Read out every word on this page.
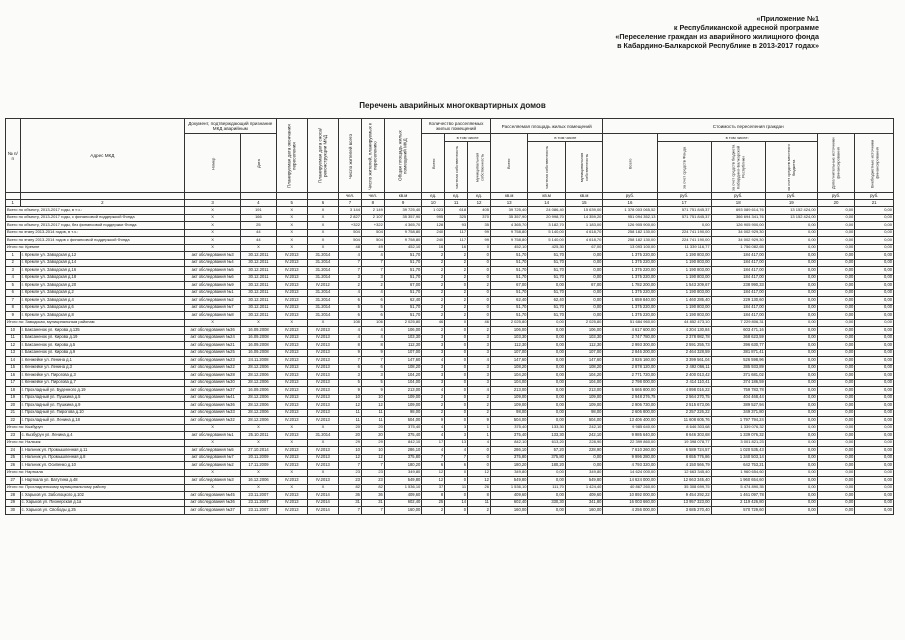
«Приложение №1
к Республиканской адресной программе
«Переселение граждан из аварийного жилищного фонда
в Кабардино-Балкарской Республике в 2013-2017 годах»
Перечень аварийных многоквартирных домов
№ п/п	Адрес МКД	Документ, подтверждающий признание МКД аварийным		Планируемая дата окончания переселения	Планируемая дата сноса/ реконструкции МКД	Число жителей всего	Число жителей, планируемых к переселению	Общая площадь жилых помещений МКД	Количество расселяемых жилых помещений			Расселяемая площадь жилых помещений			Стоимость переселения граждан					
		Номер	Дата						Всего	в том числе		Всего	в том числе		Всего	в том числе:			Дополнительные источники финансирования	Внебюджетные источники финансирования
										частная собственность	муниципальная собственность		частная собственность	муниципальная собственность		за счет средств Фонда	за счет средств бюджета Кабардино-Балкарской Республики	за счет средств местного бюджета		
						чел.	чел.	кв.м	ед.	ед.	ед.	кв.м	кв.м	кв.м	руб.	руб.	руб.	руб.	руб.	руб.
1	2	3	4	5	6	7	8	9	10	11	12	13	14	15	16	17	18	19	20	21
Всего по объекту, 2013-2017 годы, в т.ч.:		X	191	X	X	3 144	2 149	39 725,40	1 023	618	405	39 725,40	24 086,40	15 639,00	1 378 003 065,52	571 751 845,37	693 089 614,76	13 152 424,00	0,00	0,00
Всего по объекту, 2013-2017 годы, с финансовой поддержкой Фонда		X	166	X	X	2 827	2 107	35 357,90	995	325	370	35 357,90	20 998,70	14 359,20	951 094 352,13	571 751 845,37	366 694 341,76	13 152 424,00	0,00	0,00
Всего по объекту, 2013-2017 годы, без финансовой поддержки Фонда		X	25	X	X	+322	+322	4 365,70	128	93	35	4 365,70	3 182,70	1 183,00	126 905 900,00	0,00	126 905 900,00	0,00	0,00	0,00
Всего по этапу 2013-2014 годов, в т.ч.:		X	44	X	X	504	504	9 758,80	240	117	99	9 758,80	5 140,00	4 618,70	258 182 130,00	224 741 190,00	34 002 929,30	0,00	0,00	0,00
Всего по этапу 2013-2014 годов с финансовой поддержкой Фонда		X	44	X	X	504	504	9 758,80	240	117	99	9 758,80	5 140,00	4 618,70	258 182 130,00	224 741 190,00	34 002 929,30	0,00	0,00	0,00
Итого по: Кремле		X	X	X	X	48	49	452,10	16	16	0	452,10	425,30	67,00	13 093 100,00	11 339 116,77	1 756 082,65	0,00	0,00	0,00
1	г. Кремле ул. Заводская д.12	акт обследования №3	30.12.2011	IV.2013	31.2014	4	4	51,70	2	2	0	51,70	51,70	0,00	1 375 220,00	1 190 803,00	184 417,00	0,00	0,00	0,00
2	г. Кремле ул. Заводская д.14	акт обследования №4	30.12.2011	IV.2013	31.2014	7	7	51,70	2	2	0	51,70	51,70	0,00	1 375 220,00	1 190 803,00	184 417,00	0,00	0,00	0,00
3	г. Кремле ул. Заводская д.16	акт обследования №5	30.12.2011	IV.2013	31.2014	7	7	51,70	2	2	0	51,70	51,70	0,00	1 375 220,00	1 190 803,00	184 417,00	0,00	0,00	0,00
4	г. Кремле ул. Заводская д.18	акт обследования №6	30.12.2011	IV.2013	31.2014	3	3	51,70	2	2	0	51,70	51,70	0,00	1 375 220,00	1 190 803,00	184 417,00	0,00	0,00	0,00
5	г. Кремле ул. Заводская д.20	акт обследования №9	30.12.2011	IV.2013	IV.2012	2	2	67,00	2	0	2	67,00	0,00	67,00	1 782 200,00	1 543 209,67	238 990,33	0,00	0,00	0,00
6	г. Кремле ул. Заводская д.2	акт обследования №1	30.12.2011	IV.2013	31.2014	4	4	51,70	2	2	0	51,70	51,70	0,00	1 375 220,00	1 190 803,00	184 417,00	0,00	0,00	0,00
7	г. Кремле ул. Заводская д.4	акт обследования №2	30.12.2011	IV.2013	31.2014	6	6	62,40	2	2	0	62,40	62,40	0,00	1 659 840,00	1 460 285,40	229 130,60	0,00	0,00	0,00
8	г. Кремле ул. Заводская д.6	акт обследования №7	30.12.2011	IV.2013	31.2014	5	5	51,70	2	2	0	51,70	51,70	0,00	1 375 220,00	1 190 803,00	184 417,00	0,00	0,00	0,00
9	г. Кремле ул. Заводская д.8	акт обследования №8	30.12.2011	IV.2013	31.2014	6	6	51,70	2	2	0	51,70	51,70	0,00	1 375 220,00	1 190 803,00	184 417,00	0,00	0,00	0,00
Итого по: Заводская, муниципальным районам		X	X	X	X	108	106	2 025,80	46	0	46	2 025,80	0,00	2 025,80	51 684 960,00	44 852 473,10	7 229 806,31	0,00	0,00	0,00
10	г. Баксаненок ул. Кирова д.135	акт обследования №36	16.09.2008	IV.2013	IV.2013	4	4	106,00	2	0	2	106,00	0,00	106,00	4 617 600,00	4 204 130,84	603 471,16	0,00	0,00	0,00
11	г. Баксаненок ул. Кирова д.19	акт обследования №24	16.09.2008	IV.2013	IV.2013	4	4	103,30	3	0	3	103,30	0,00	103,30	2 747 780,00	2 378 982,78	368 623,59	0,00	0,00	0,00
12	г. Баксаненок ул. Кирова д.5	акт обследования №21	16.09.2008	IV.2013	IV.2013	8	8	112,30	3	0	3	112,30	0,00	112,30	2 993 300,00	2 591 255,73	396 630,77	0,00	0,00	0,00
13	г. Баксаненок ул. Кирова д.9	акт обследования №25	16.09.2008	IV.2013	IV.2013	9	9	107,00	3	0	3	107,00	0,00	107,00	2 846 200,00	2 464 328,59	381 871,41	0,00	0,00	0,00
14	г. Кенжейке ул. Ленина д.1	акт обследования №23	24.11.2008	IV.2013	IV.2013	7	7	147,60	4	0	4	147,60	0,00	147,60	3 926 160,00	3 399 561,04	526 598,96	0,00	0,00	0,00
15	г. Кенжейке ул. Ленина д.3	акт обследования №22	28.12.2006	IV.2013	IV.2013	6	6	108,20	3	0	3	108,20	0,00	108,20	2 878 120,00	2 492 066,11	385 933,89	0,00	0,00	0,00
16	г. Кенжейке ул. Пирогова д.3	акт обследования №28	28.12.2006	IV.2013	IV.2013	3	3	104,20	3	0	3	104,20	0,00	104,20	2 771 720,00	2 400 013,42	371 681,02	0,00	0,00	0,00
17	г. Кенжейке ул. Пирогова д.7	акт обследования №30	28.12.2006	IV.2013	IV.2013	5	5	104,00	3	0	3	104,00	0,00	104,00	2 798 000,00	2 414 110,41	374 186,59	0,00	0,00	0,00
18	г. Прохладный ул. Буденного д.19	акт обследования №37	16.09.2006	IV.2013	IV.2013	9	9	213,00	4	0	4	213,00	0,00	213,00	5 665 800,00	4 898 016,22	759 783,78	0,00	0,00	0,00
19	г. Прохладный ул. Пушкина д.5	акт обследования №41	28.12.2006	IV.2013	IV.2013	10	10	109,00	2	0	2	109,00	0,00	109,00	2 948 276,75	2 564 270,75	404 468,44	0,00	0,00	0,00
20	г. Прохладный ул. Пушкина д.9	акт обследования №36	28.12.2006	IV.2013	IV.2013	12	12	109,00	2	0	2	109,00	0,00	109,00	2 906 730,00	2 515 673,06	389 527,94	0,00	0,00	0,00
21	г. Прохладный ул. Пирогова д.10	акт обследования №33	28.12.2006	IV.2013	IV.2013	11	11	98,00	2	0	2	98,00	0,00	98,00	2 606 800,00	2 257 226,22	349 371,80	0,00	0,00	0,00
22	г. Прохладный ул. Ленина д.18	акт обследования №32	28.12.2006	IV.2013	IV.2013	11	11	504,00	9	0	9	504,00	0,00	504,00	13 406 400,00	11 608 605,76	1 797 794,24	0,00	0,00	0,00
Итого по: Кызбурун		X	X	X	X	20	20	375,40	4	3	1	375,40	133,30	242,10	9 985 640,00	8 646 303,68	1 339 076,32	0,00	0,00	0,00
23	с. Кызбурун ул. Ленина д.4	акт обследования №1	25.10.2011	IV.2013	31.2014	20	20	375,40	4	3	1	375,40	133,30	242,10	9 985 640,00	8 646 303,68	1 339 076,32	0,00	0,00	0,00
Итого по: Нальчик		X	X	X	X	29	29	842,10	17	13	4	842,10	613,20	228,90	22 399 860,00	19 398 078,77	3 001 821,23	0,00	0,00	0,00
24	г. Нальчик ул. Промышленная д.11	акт обследования №5	27.10.2014	IV.2013	IV.2013	10	10	286,10	4	4	0	286,10	57,20	228,90	7 610 260,00	6 589 724,57	1 020 535,43	0,00	0,00	0,00
25	г. Нальчик ул. Промышленная д.8	акт обследования №7	20.11.2009	IV.2013	IV.2013	12	12	375,80	7	7	0	375,80	375,80	0,00	9 996 280,00	8 655 776,86	1 340 503,14	0,00	0,00	0,00
26	г. Нальчик ул. Осипенко д.10	акт обследования №2	17.11.2009	IV.2013	IV.2013	7	7	180,20	6	6	0	180,20	180,20	0,00	4 793 320,00	4 150 566,79	642 753,21	0,00	0,00	0,00
Итого по: Нарткала		X	X	X	X	23	23	349,80	12	0	12	349,80	0,00	349,80	14 624 000,00	12 663 345,40	1 960 654,60	0,00	0,00	0,00
27	г. Нарткала ул. Ватутина д.48	акт обследования №3	16.12.2006	IV.2013	IV.2013	23	23	549,80	12	0	12	549,80	0,00	549,80	14 624 000,00	12 663 345,40	1 960 654,60	0,00	0,00	0,00
Итого по: Прохладненскому муниципальному району		X	X	X	X	82	82	1 536,10	37	11	26	1 536,10	111,70	1 424,40	40 867 260,00	35 308 699,75	5 474 890,35	0,00	0,00	0,00
28	г. Харьков ул. Заболоцкого д.102	акт обследования №45	23.11.2007	IV.2013	IV.2014	36	36	409,60	8	0	8	409,60	0,00	409,60	10 892 000,00	9 454 292,22	1 461 097,78	0,00	0,00	0,00
29	с. Харьков ул. Пионерская д.1а	акт обследования №36	23.11.2007	IV.2013	IV.2014	31	31	602,40	25	14	11	602,40	330,30	341,80	16 003 660,00	13 957 323,00	2 119 426,80	0,00	0,00	0,00
30	с. Харьков ул. Свободы д.25	акт обследования №37	23.11.2007	IV.2013	IV.2014	7	7	160,00	2	0	2	160,00	0,00	160,00	4 256 000,00	3 685 270,40	570 729,60	0,00	0,00	0,00
